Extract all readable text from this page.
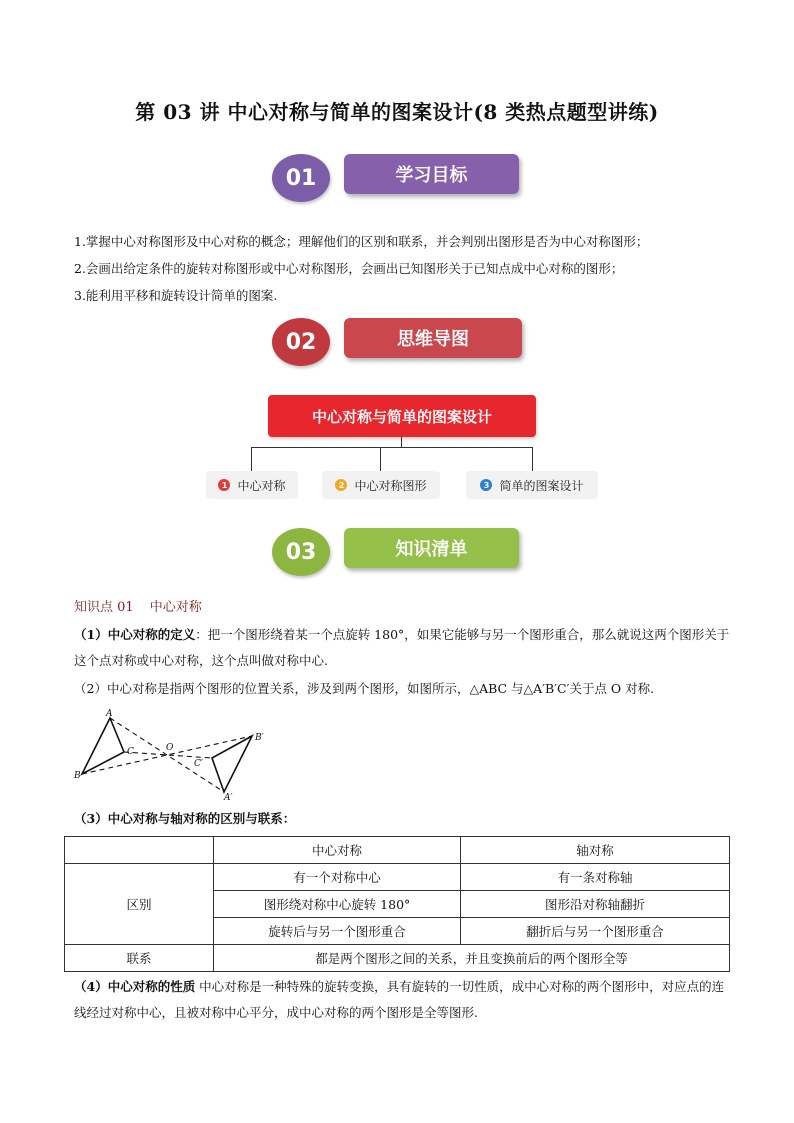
第 03 讲 中心对称与简单的图案设计(8 类热点题型讲练)
01	学习目标

1.掌握中心对称图形及中心对称的概念；理解他们的区别和联系，并会判别出图形是否为中心对称图形；

2.会画出给定条件的旋转对称图形或中心对称图形，会画出已知图形关于已知点成中心对称的图形；

3.能利用平移和旋转设计简单的图案.

02	思维导图
中心对称与简单的图案设计
1 中心对称	2 中心对称图形	3 简单的图案设计
03	知识清单
知识点 01 中心对称

（1）中心对称的定义：把一个图形绕着某一个点旋转 180°，如果它能够与另一个图形重合，那么就说这两个图形关于这个点对称或中心对称，这个点叫做对称中心.

（2）中心对称是指两个图形的位置关系，涉及到两个图形，如图所示，△ABC 与△A′B′C′关于点 O 对称.

A
B
C	O
A′
B′
C′

（3）中心对称与轴对称的区别与联系：

	中心对称	轴对称
区别	有一个对称中心	有一条对称轴
	图形绕对称中心旋转 180°	图形沿对称轴翻折
	旋转后与另一个图形重合	翻折后与另一个图形重合
联系	都是两个图形之间的关系，并且变换前后的两个图形全等	

（4）中心对称的性质 中心对称是一种特殊的旋转变换，具有旋转的一切性质，成中心对称的两个图形中，对应点的连线经过对称中心，且被对称中心平分，成中心对称的两个图形是全等图形.
